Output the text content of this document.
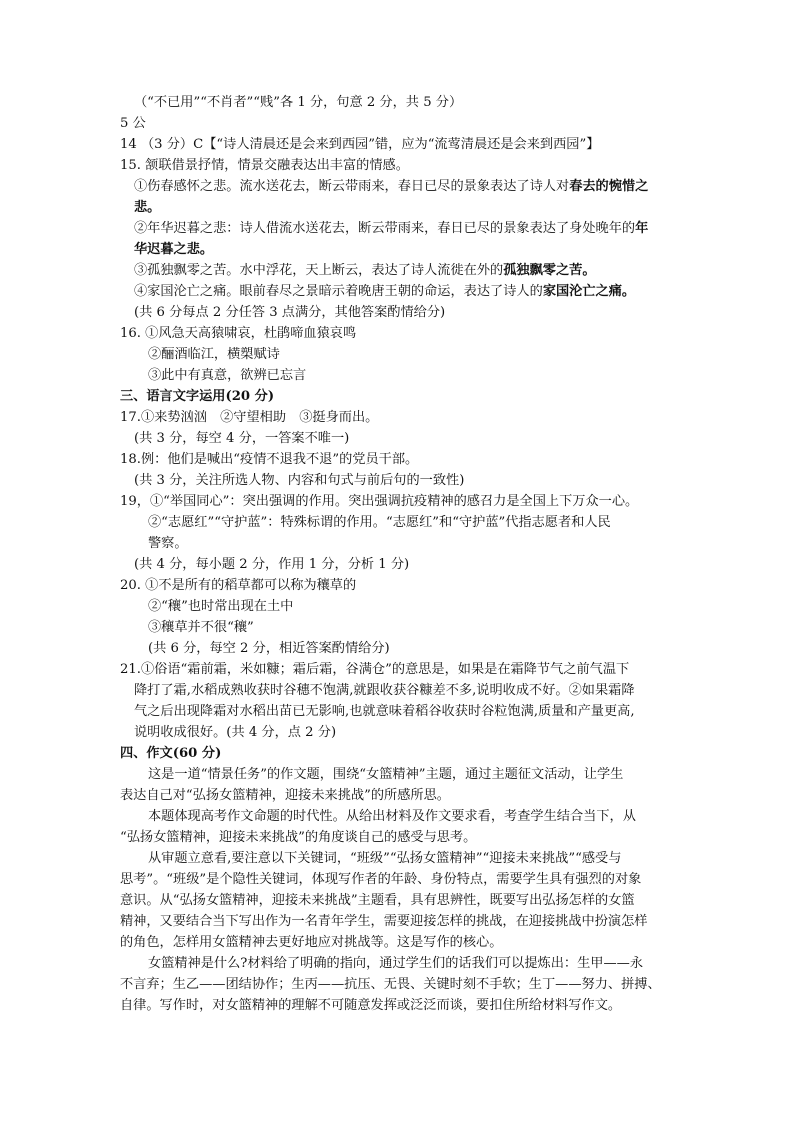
（“不已用”“不肖者”“贱”各 1 分，句意 2 分，共 5 分）
5 公
14 （3 分）C【“诗人清晨还是会来到西园”错，应为“流莺清晨还是会来到西园”】
15. 颔联借景抒情，情景交融表达出丰富的情感。
①伤春感怀之悲。流水送花去，断云带雨来，春日已尽的景象表达了诗人对春去的惋惜之
悲。
②年华迟暮之悲：诗人借流水送花去，断云带雨来，春日已尽的景象表达了身处晚年的年
华迟暮之悲。
③孤独飘零之苦。水中浮花，天上断云，表达了诗人流徙在外的孤独飘零之苦。
④家国沦亡之痛。眼前春尽之景暗示着晚唐王朝的命运，表达了诗人的家国沦亡之痛。
(共 6 分每点 2 分任答 3 点满分，其他答案酌情给分)
16. ①风急天高猿啸哀，杜鹃啼血猿哀鸣
②酾酒临江，横槊赋诗
③此中有真意，欲辨已忘言
三、语言文字运用(20 分)
17.①来势汹汹　②守望相助　③挺身而出。
(共 3 分，每空 4 分，一答案不唯一)
18.例：他们是喊出“疫情不退我不退”的党员干部。
(共 3 分，关注所选人物、内容和句式与前后句的一致性)
19，①“举国同心”：突出强调的作用。突出强调抗疫精神的感召力是全国上下万众一心。
②“志愿红”“守护蓝”：特殊标谓的作用。“志愿红”和“守护蓝”代指志愿者和人民
警察。
(共 4 分，每小题 2 分，作用 1 分，分析 1 分)
20. ①不是所有的稻草都可以称为穰草的
②“穰”也时常出现在土中
③穰草并不很“穰”
(共 6 分，每空 2 分，相近答案酌情给分)
21.①俗语“霜前霜，米如糠；霜后霜，谷满仓”的意思是，如果是在霜降节气之前气温下
降打了霜,水稻成熟收获时谷穗不饱满,就跟收获谷糠差不多,说明收成不好。②如果霜降
气之后出现降霜对水稻出苗已无影响,也就意味着稻谷收获时谷粒饱满,质量和产量更高,
说明收成很好。(共 4 分，点 2 分)
四、作文(60 分)
这是一道“情景任务”的作文题，围绕“女篮精神”主题，通过主题征文活动，让学生
表达自己对“弘扬女篮精神，迎接未来挑战”的所感所思。
本题体现高考作文命题的时代性。从给出材料及作文要求看，考查学生结合当下，从
“弘扬女篮精神，迎接未来挑战”的角度谈自己的感受与思考。
从审题立意看,要注意以下关键词，“班级”“弘扬女篮精神”“迎接未来挑战”“感受与
思考”。“班级”是个隐性关键词，体现写作者的年龄、身份特点，需要学生具有强烈的对象
意识。从“弘扬女篮精神，迎接未来挑战”主题看，具有思辨性，既要写出弘扬怎样的女篮
精神，又要结合当下写出作为一名青年学生，需要迎接怎样的挑战，在迎接挑战中扮演怎样
的角色，怎样用女篮精神去更好地应对挑战等。这是写作的核心。
女篮精神是什么?材料给了明确的指向，通过学生们的话我们可以提炼出：生甲——永
不言弃；生乙——团结协作；生丙——抗压、无畏、关键时刻不手软；生丁——努力、拼搏、
自律。写作时，对女篮精神的理解不可随意发挥或泛泛而谈，要扣住所给材料写作文。
